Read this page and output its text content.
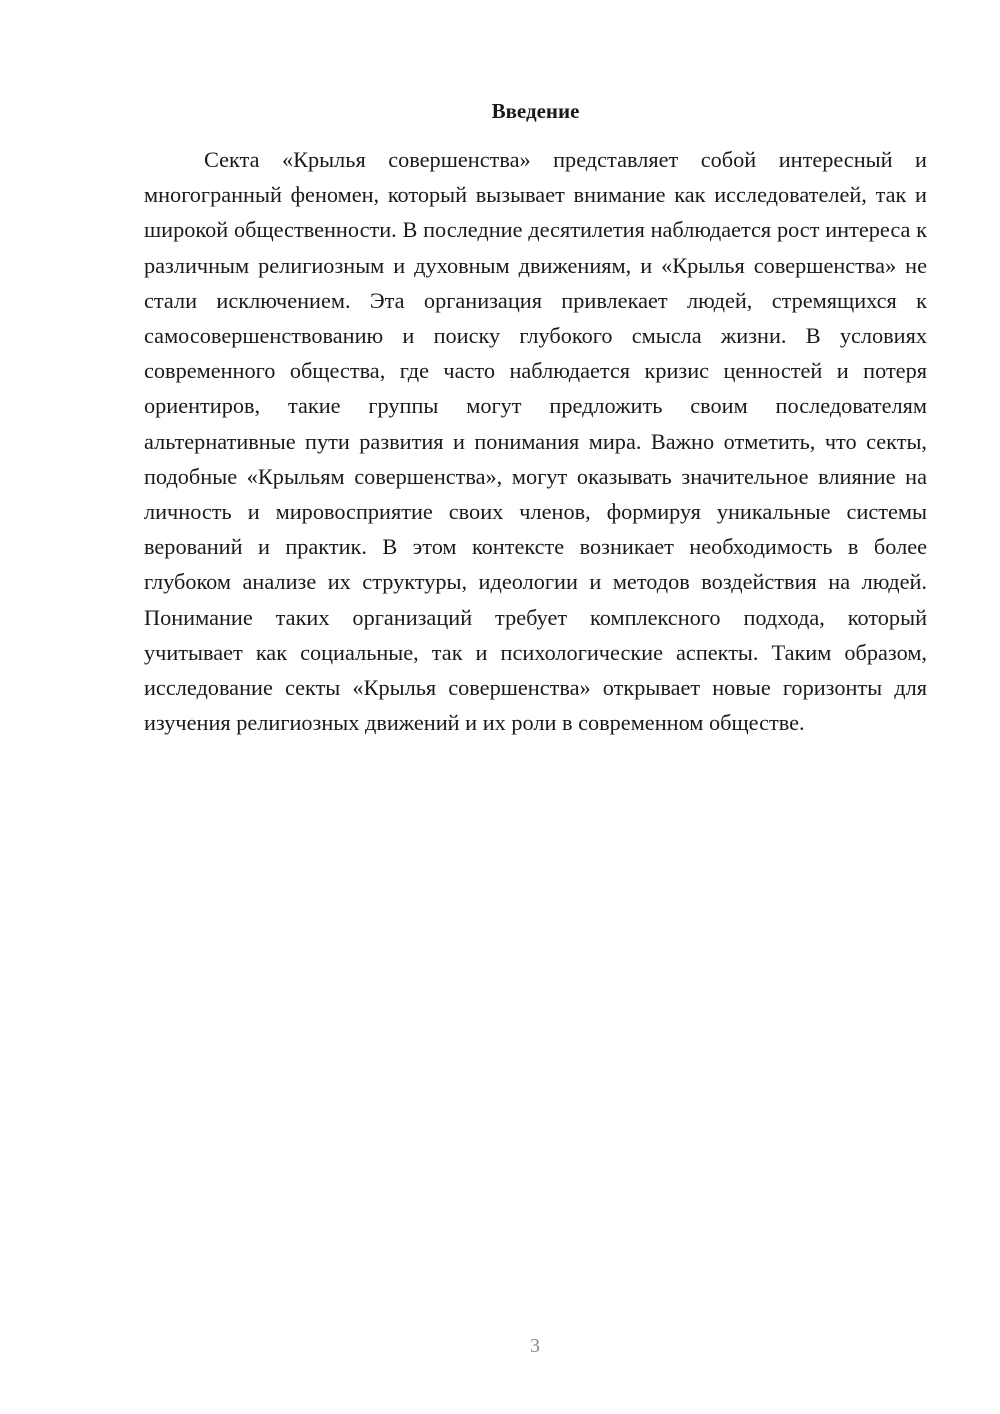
Введение

Секта «Крылья совершенства» представляет собой интересный и многогранный феномен, который вызывает внимание как исследователей, так и широкой общественности. В последние десятилетия наблюдается рост интереса к различным религиозным и духовным движениям, и «Крылья совершенства» не стали исключением. Эта организация привлекает людей, стремящихся к самосовершенствованию и поиску глубокого смысла жизни. В условиях современного общества, где часто наблюдается кризис ценностей и потеря ориентиров, такие группы могут предложить своим последователям альтернативные пути развития и понимания мира. Важно отметить, что секты, подобные «Крыльям совершенства», могут оказывать значительное влияние на личность и мировосприятие своих членов, формируя уникальные системы верований и практик. В этом контексте возникает необходимость в более глубоком анализе их структуры, идеологии и методов воздействия на людей. Понимание таких организаций требует комплексного подхода, который учитывает как социальные, так и психологические аспекты. Таким образом, исследование секты «Крылья совершенства» открывает новые горизонты для изучения религиозных движений и их роли в современном обществе.

3
